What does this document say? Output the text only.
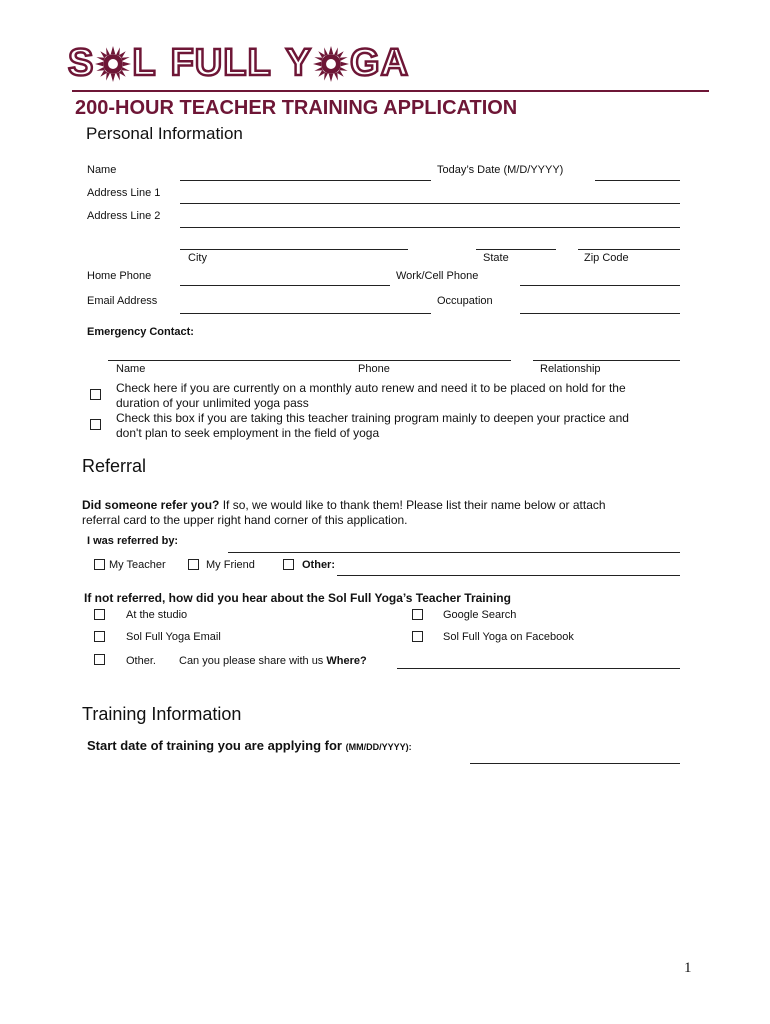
S L FULL Y GA
200-HOUR TEACHER TRAINING APPLICATION
Personal Information
Name	Today’s Date (M/D/YYYY)
Address Line 1
Address Line 2
City	State	Zip Code
Home Phone	Work/Cell Phone
Email Address	Occupation
Emergency Contact:
Name	Phone	Relationship
Check here if you are currently on a monthly auto renew and need it to be placed on hold for the
duration of your unlimited yoga pass
Check this box if you are taking this teacher training program mainly to deepen your practice and
don't plan to seek employment in the field of yoga
Referral
Did someone refer you? If so, we would like to thank them! Please list their name below or attach
referral card to the upper right hand corner of this application.
I was referred by:
My Teacher	My Friend	Other:
If not referred, how did you hear about the Sol Full Yoga’s Teacher Training
At the studio	Google Search
Sol Full Yoga Email	Sol Full Yoga on Facebook
Other. Can you please share with us Where?
Training Information
Start date of training you are applying for (MM/DD/YYYY):
1
